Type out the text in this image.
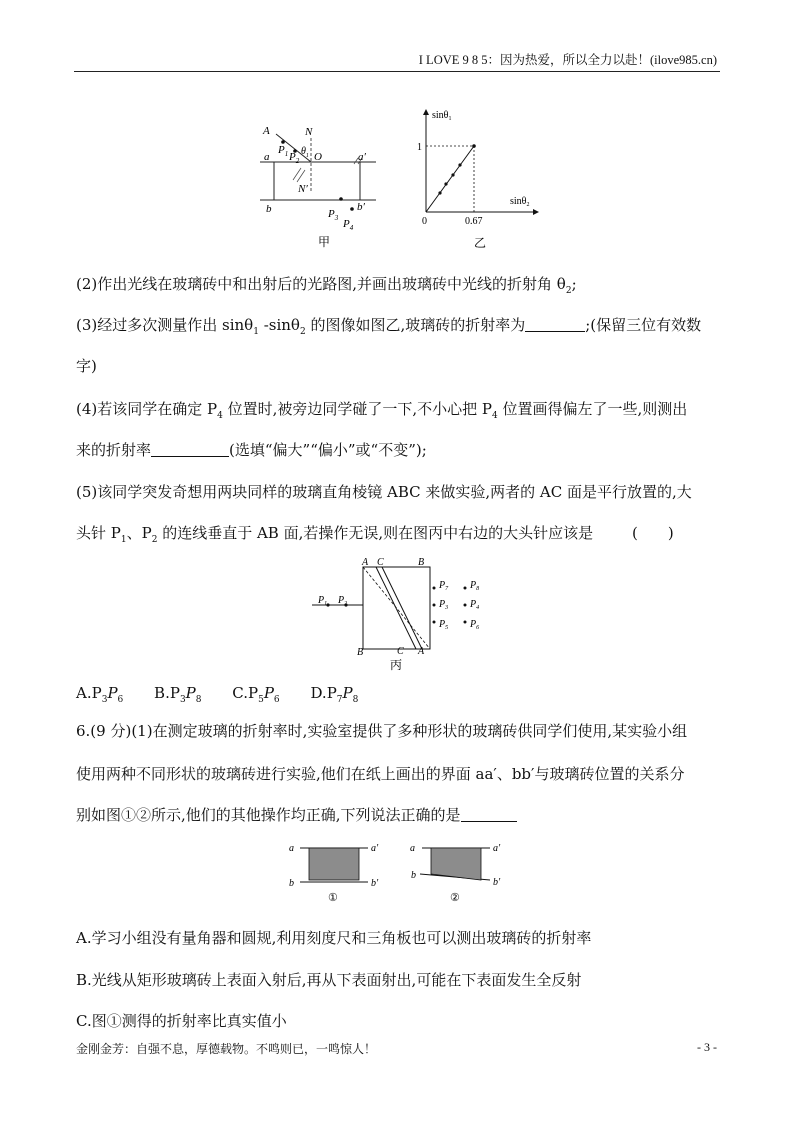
I LOVE 9 8 5：因为热爱，所以全力以赴！(ilove985.cn)
A	N
$P_1$ $P_2$
$\theta_1$ O
a	a′
N′
b	b′
$P_3$ $P_4$
甲
sinθ$_1$
sinθ$_2$
0
1
0.67
乙
(2)作出光线在玻璃砖中和出射后的光路图,并画出玻璃砖中光线的折射角 $\theta_2$;
(3)经过多次测量作出 sinθ$_1$ -sinθ$_2$ 的图像如图乙,玻璃砖的折射率为	;(保留三位有效数
字)
(4)若该同学在确定 $P_4$ 位置时,被旁边同学碰了一下,不小心把 $P_4$ 位置画得偏左了一些,则测出
来的折射率	(选填“偏大”“偏小”或“不变”);
(5)该同学突发奇想用两块同样的玻璃直角棱镜 ABC 来做实验,两者的 AC 面是平行放置的,大
头针 $P_1$、$P_2$ 的连线垂直于 AB 面,若操作无误,则在图丙中右边的大头针应该是	(　　)
A C	B
B	C A
$P_1$ $P_2$
$P_7$ $P_8$
$P_3$ $P_4$
$P_5$ $P_6$
丙
$A.P_3P_6$ $B.P_3P_8$ $C.P_5P_6$ $D.P_7P_8$
6.(9 分)(1)在测定玻璃的折射率时,实验室提供了多种形状的玻璃砖供同学们使用,某实验小组
使用两种不同形状的玻璃砖进行实验,他们在纸上画出的界面 aa′、bb′与玻璃砖位置的关系分
别如图①②所示,他们的其他操作均正确,下列说法正确的是
a	a′
b	b′
①
a	a′
b
b′
②
A.学习小组没有量角器和圆规,利用刻度尺和三角板也可以测出玻璃砖的折射率
B.光线从矩形玻璃砖上表面入射后,再从下表面射出,可能在下表面发生全反射
C.图①测得的折射率比真实值小
金刚金芳：自强不息，厚德载物。不鸣则已，一鸣惊人！	- 3 -
